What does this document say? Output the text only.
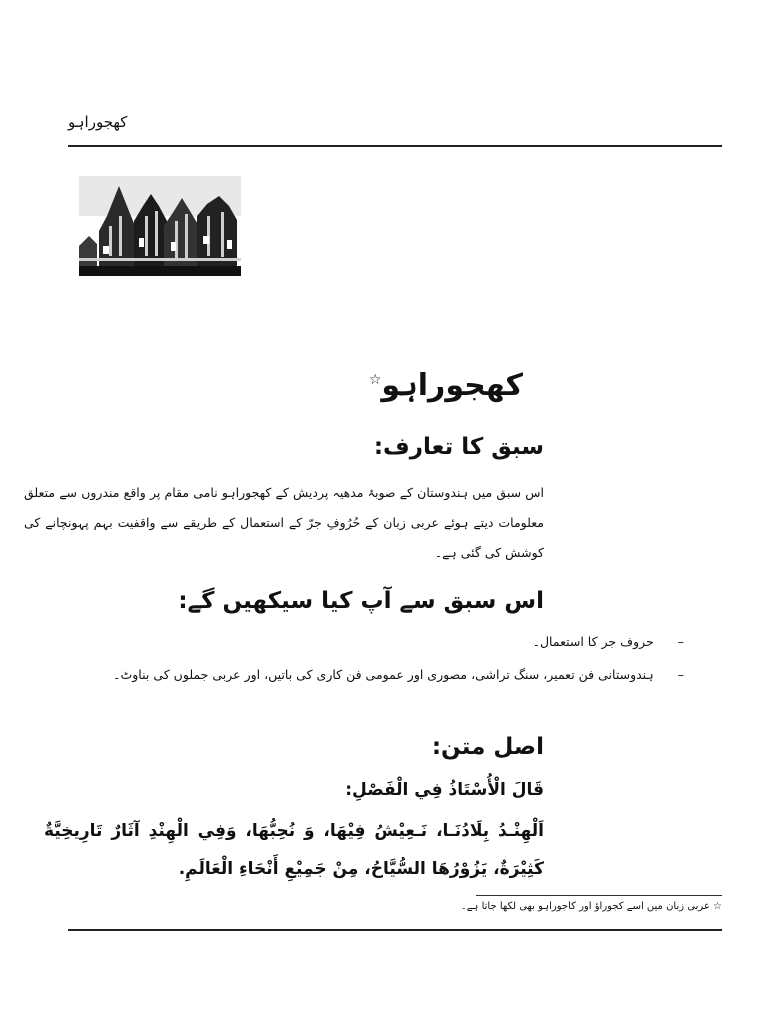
کھجوراہو
کھجوراہو☆
سبق کا تعارف:
اس سبق میں ہندوستان کے صوبۂ مدھیہ پردیش کے کھجوراہو نامی مقام پر واقع مندروں سے متعلق معلومات دیتے ہوئے عربی زبان کے حُرُوفِ جرّ کے استعمال کے طریقے سے واقفیت بہم پہونچانے کی کوشش کی گئی ہے۔
اس سبق سے آپ کیا سیکھیں گے:
– حروف جر کا استعمال۔
– ہندوستانی فن تعمیر، سنگ تراشی، مصوری اور عمومی فن کاری کی باتیں، اور عربی جملوں کی بناوٹ۔
اصل متن:
قَالَ الْأُسْتَاذُ فِي الْفَصْلِ:
اَلْهِنْـدُ بِلَادُنَـا، نَـعِيْشُ فِيْهَا، وَ نُحِبُّهَا، وَفِي الْهِنْدِ آثَارٌ تَارِيخِيَّةٌ كَثِيْرَةٌ، يَزُوْرُهَا السُّيَّاحُ، مِنْ جَمِيْعِ أَنْحَاءِ الْعَالَمِ.
☆ عربی زبان میں اسے کجوراؤ اور کاجوراہو بھی لکھا جاتا ہے۔
